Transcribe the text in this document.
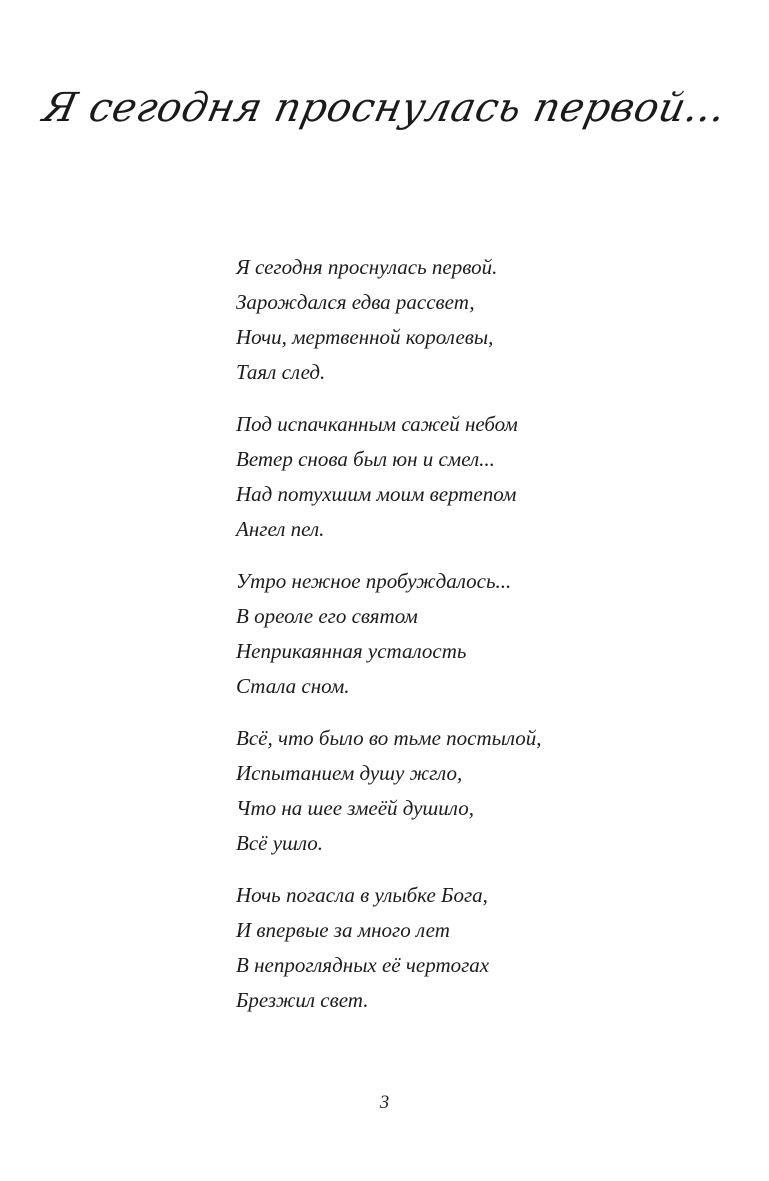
Я сегодня проснулась первой...
Я сегодня проснулась первой.
Зарождался едва рассвет,
Ночи, мертвенной королевы,
Таял след.
Под испачканным сажей небом
Ветер снова был юн и смел...
Над потухшим моим вертепом
Ангел пел.
Утро нежное пробуждалось...
В ореоле его святом
Неприкаянная усталость
Стала сном.
Всё, что было во тьме постылой,
Испытанием душу жгло,
Что на шее змеёй душило,
Всё ушло.
Ночь погасла в улыбке Бога,
И впервые за много лет
В непроглядных её чертогах
Брезжил свет.
3
